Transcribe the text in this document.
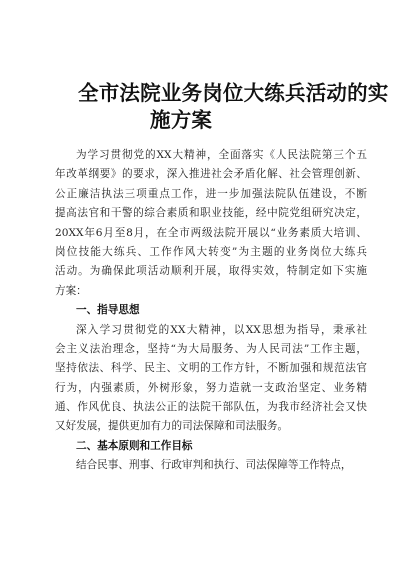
全市法院业务岗位大练兵活动的实
施方案
为学习贯彻党的XX大精神，全面落实《人民法院第三个五
年改革纲要》的要求，深入推进社会矛盾化解、社会管理创新、
公正廉洁执法三项重点工作，进一步加强法院队伍建设，不断
提高法官和干警的综合素质和职业技能，经中院党组研究决定，
20XX年6月至8月，在全市两级法院开展以“业务素质大培训、
岗位技能大练兵、工作作风大转变”为主题的业务岗位大练兵
活动。为确保此项活动顺利开展，取得实效，特制定如下实施
方案：
一、指导思想
深入学习贯彻党的XX大精神，以XX思想为指导，秉承社
会主义法治理念，坚持“为大局服务、为人民司法”工作主题，
坚持依法、科学、民主、文明的工作方针，不断加强和规范法官
行为，内强素质，外树形象，努力造就一支政治坚定、业务精
通、作风优良、执法公正的法院干部队伍，为我市经济社会又快
又好发展，提供更加有力的司法保障和司法服务。
二、基本原则和工作目标
结合民事、刑事、行政审判和执行、司法保障等工作特点，
